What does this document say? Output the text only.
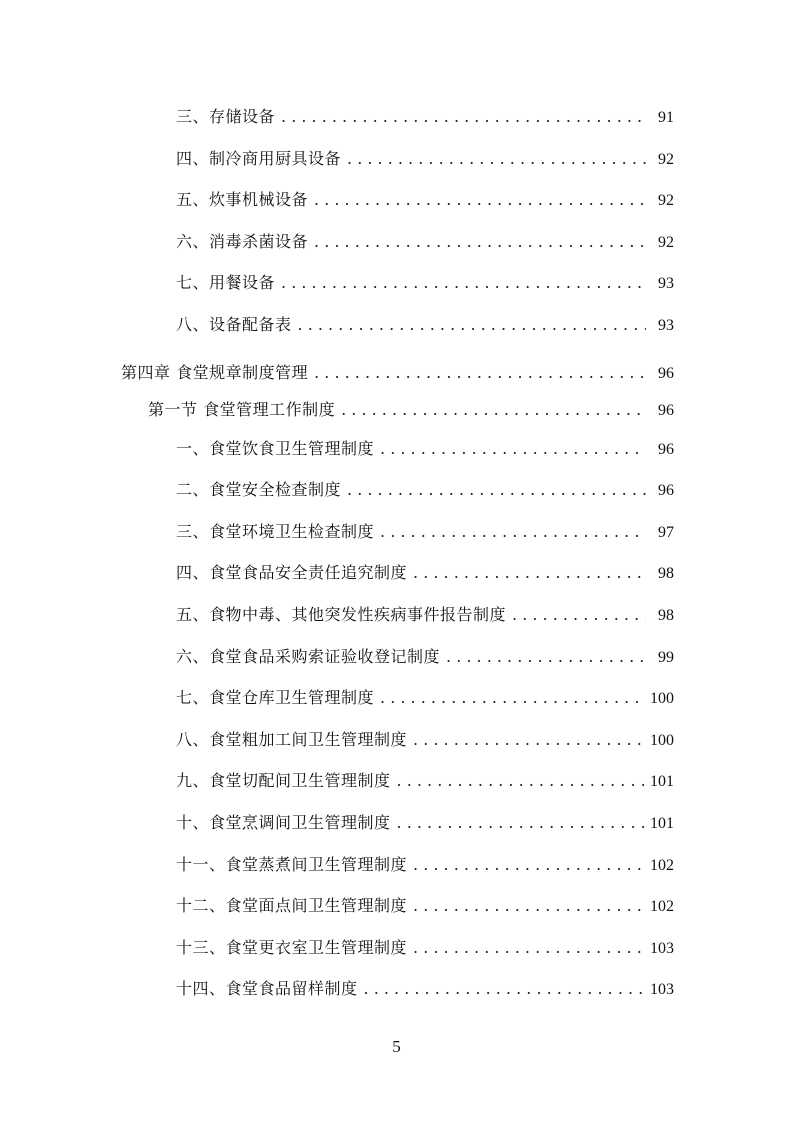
三、存储设备 . . .	91
四、制冷商用厨具设备 . . .	92
五、炊事机械设备 . . .	92
六、消毒杀菌设备 . . .	92
七、用餐设备 . . .	93
八、设备配备表 . . .	93
第四章 食堂规章制度管理 . . .	96
第一节 食堂管理工作制度 . . .	96
一、食堂饮食卫生管理制度 . . .	96
二、食堂安全检查制度 . . .	96
三、食堂环境卫生检查制度 . . .	97
四、食堂食品安全责任追究制度 . . .	98
五、食物中毒、其他突发性疾病事件报告制度 . . .	98
六、食堂食品采购索证验收登记制度 . . .	99
七、食堂仓库卫生管理制度 . . .	100
八、食堂粗加工间卫生管理制度 . . .	100
九、食堂切配间卫生管理制度 . . .	101
十、食堂烹调间卫生管理制度 . . .	101
十一、食堂蒸煮间卫生管理制度 . . .	102
十二、食堂面点间卫生管理制度 . . .	102
十三、食堂更衣室卫生管理制度 . . .	103
十四、食堂食品留样制度 . . .	103
5
